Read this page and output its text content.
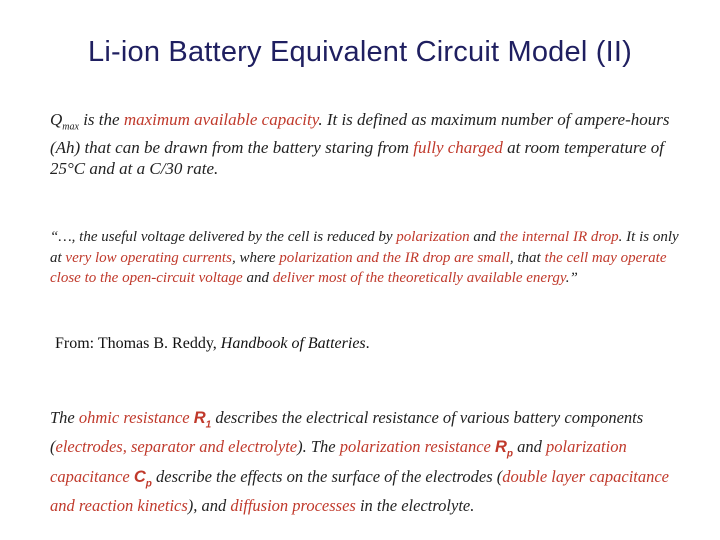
Li-ion Battery Equivalent Circuit Model (II)
$Q_{max}$ is the maximum available capacity. It is defined as maximum number of ampere-hours (Ah) that can be drawn from the battery staring from fully charged at room temperature of 25°C and at a C/30 rate.
“…, the useful voltage delivered by the cell is reduced by polarization and the internal IR drop. It is only at very low operating currents, where polarization and the IR drop are small, that the cell may operate close to the open-circuit voltage and deliver most of the theoretically available energy.”
From: Thomas B. Reddy, Handbook of Batteries.
The ohmic resistance $R_1$ describes the electrical resistance of various battery components (electrodes, separator and electrolyte). The polarization resistance $R_p$ and polarization capacitance $C_p$ describe the effects on the surface of the electrodes (double layer capacitance and reaction kinetics), and diffusion processes in the electrolyte.
